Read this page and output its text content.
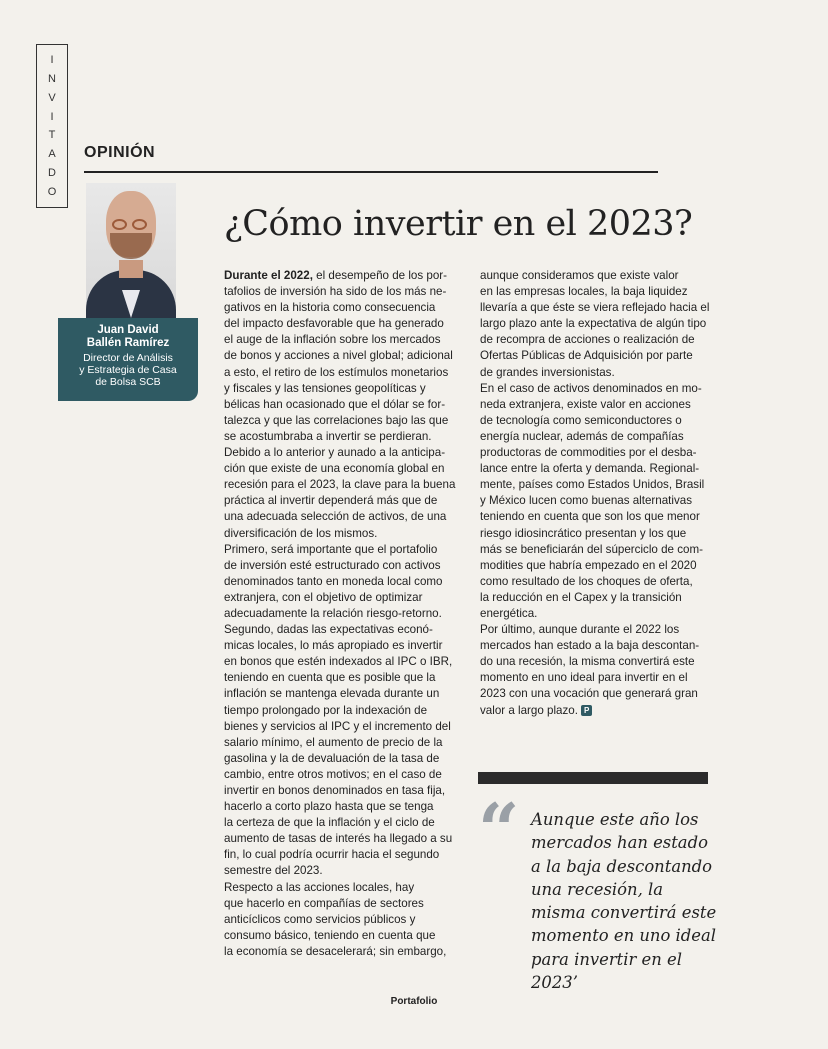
I
N
V
I
T
A
D
O
OPINIÓN
Juan David
Ballén Ramírez
Director de Análisis
y Estrategia de Casa
de Bolsa SCB
¿Cómo invertir en el 2023?

Durante el 2022, el desempeño de los por-

tafolios de inversión ha sido de los más ne-

gativos en la historia como consecuencia

del impacto desfavorable que ha generado

el auge de la inflación sobre los mercados

de bonos y acciones a nivel global; adicional

a esto, el retiro de los estímulos monetarios

y fiscales y las tensiones geopolíticas y

bélicas han ocasionado que el dólar se for-

talezca y que las correlaciones bajo las que

se acostumbraba a invertir se perdieran.

Debido a lo anterior y aunado a la anticipa-

ción que existe de una economía global en

recesión para el 2023, la clave para la buena

práctica al invertir dependerá más que de

una adecuada selección de activos, de una

diversificación de los mismos.

Primero, será importante que el portafolio

de inversión esté estructurado con activos

denominados tanto en moneda local como

extranjera, con el objetivo de optimizar

adecuadamente la relación riesgo-retorno.

Segundo, dadas las expectativas econó-

micas locales, lo más apropiado es invertir

en bonos que estén indexados al IPC o IBR,

teniendo en cuenta que es posible que la

inflación se mantenga elevada durante un

tiempo prolongado por la indexación de

bienes y servicios al IPC y el incremento del

salario mínimo, el aumento de precio de la

gasolina y la de devaluación de la tasa de

cambio, entre otros motivos; en el caso de

invertir en bonos denominados en tasa fija,

hacerlo a corto plazo hasta que se tenga

la certeza de que la inflación y el ciclo de

aumento de tasas de interés ha llegado a su

fin, lo cual podría ocurrir hacia el segundo

semestre del 2023.

Respecto a las acciones locales, hay

que hacerlo en compañías de sectores

anticíclicos como servicios públicos y

consumo básico, teniendo en cuenta que

la economía se desacelerará; sin embargo,

aunque consideramos que existe valor

en las empresas locales, la baja liquidez

llevaría a que éste se viera reflejado hacia el

largo plazo ante la expectativa de algún tipo

de recompra de acciones o realización de

Ofertas Públicas de Adquisición por parte

de grandes inversionistas.

En el caso de activos denominados en mo-

neda extranjera, existe valor en acciones

de tecnología como semiconductores o

energía nuclear, además de compañías

productoras de commodities por el desba-

lance entre la oferta y demanda. Regional-

mente, países como Estados Unidos, Brasil

y México lucen como buenas alternativas

teniendo en cuenta que son los que menor

riesgo idiosincrático presentan y los que

más se beneficiarán del súperciclo de com-

modities que habría empezado en el 2020

como resultado de los choques de oferta,

la reducción en el Capex y la transición

energética.

Por último, aunque durante el 2022 los

mercados han estado a la baja descontan-

do una recesión, la misma convertirá este

momento en uno ideal para invertir en el

2023 con una vocación que generará gran

valor a largo plazo. P

“ Aunque este año los
mercados han estado
a la baja descontando
una recesión, la
misma convertirá este
momento en uno ideal
para invertir en el 2023’
Portafolio
